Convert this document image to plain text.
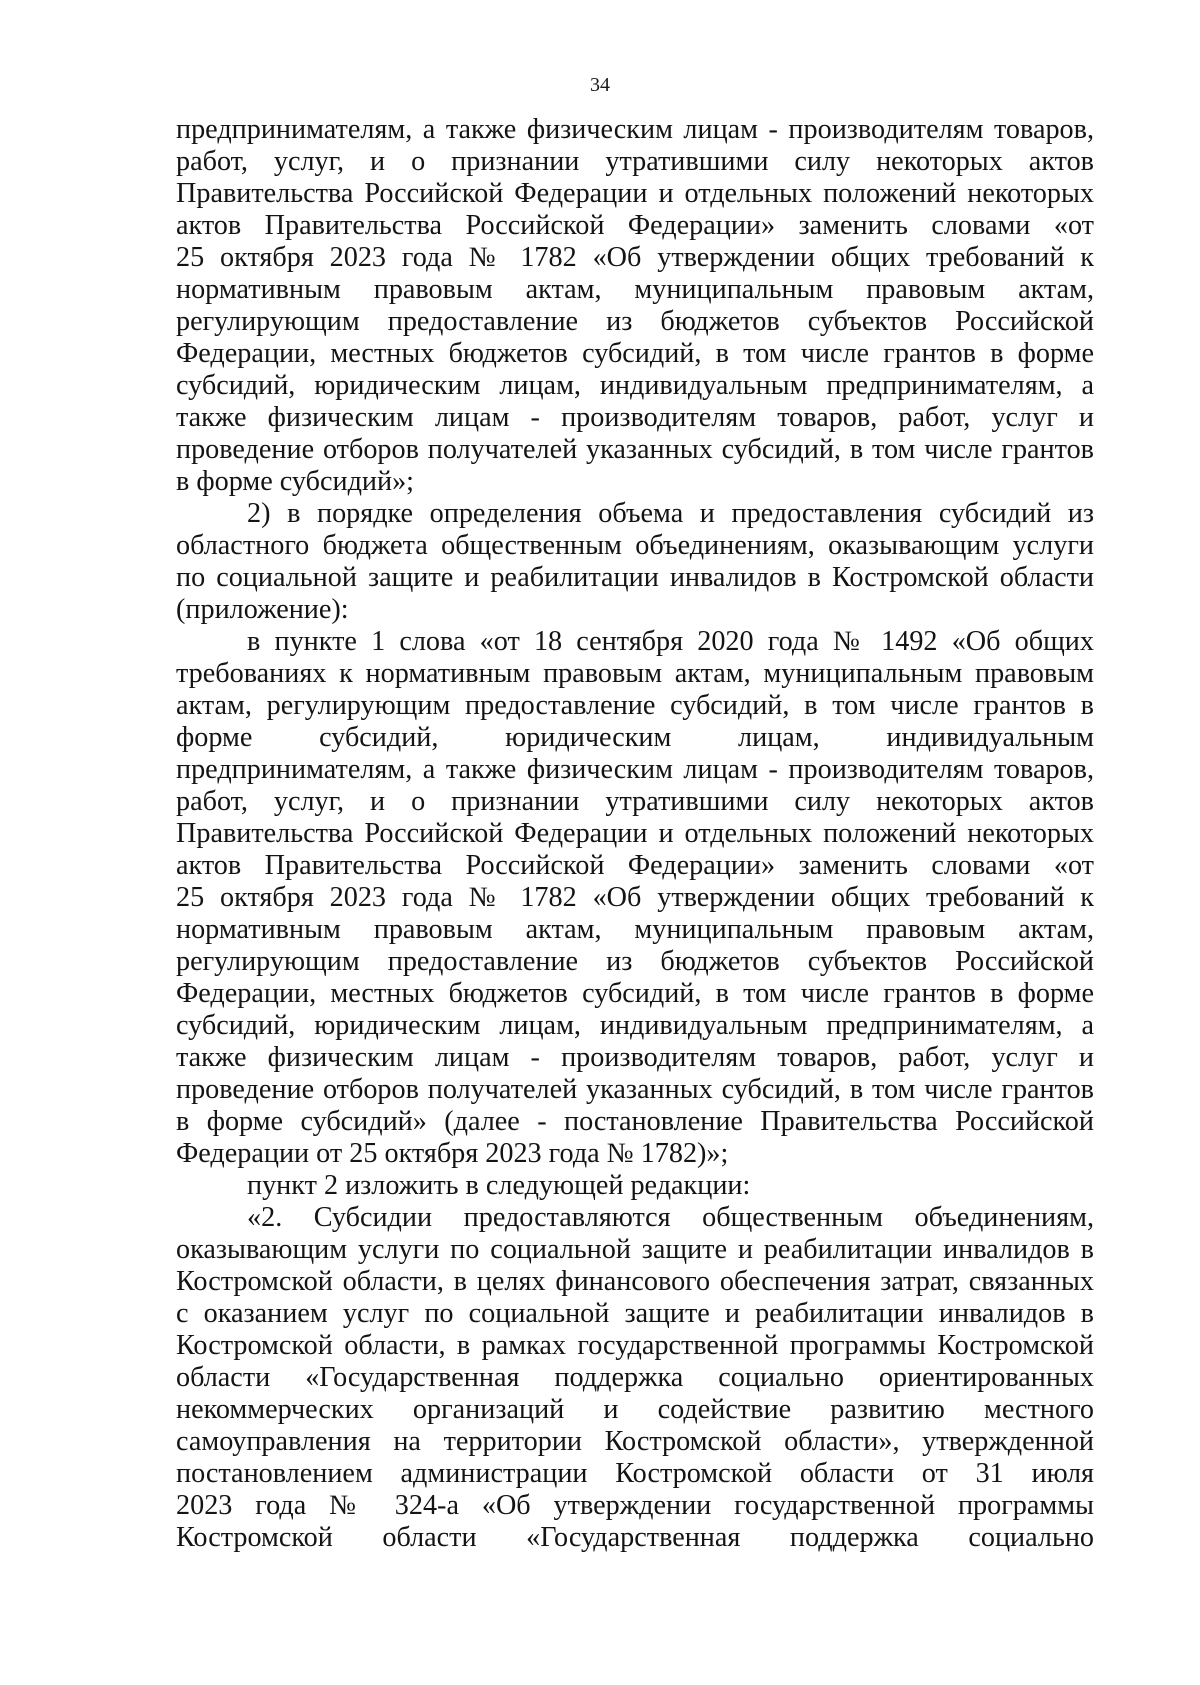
34
предпринимателям, а также физическим лицам - производителям товаров,
работ, услуг, и о признании утратившими силу некоторых актов
Правительства Российской Федерации и отдельных положений некоторых
актов Правительства Российской Федерации» заменить словами «от
25 октября 2023 года № 1782 «Об утверждении общих требований к
нормативным правовым актам, муниципальным правовым актам,
регулирующим предоставление из бюджетов субъектов Российской
Федерации, местных бюджетов субсидий, в том числе грантов в форме
субсидий, юридическим лицам, индивидуальным предпринимателям, а
также физическим лицам - производителям товаров, работ, услуг и
проведение отборов получателей указанных субсидий, в том числе грантов
в форме субсидий»;
2) в порядке определения объема и предоставления субсидий из
областного бюджета общественным объединениям, оказывающим услуги
по социальной защите и реабилитации инвалидов в Костромской области
(приложение):
в пункте 1 слова «от 18 сентября 2020 года № 1492 «Об общих
требованиях к нормативным правовым актам, муниципальным правовым
актам, регулирующим предоставление субсидий, в том числе грантов в
форме субсидий, юридическим лицам, индивидуальным
предпринимателям, а также физическим лицам - производителям товаров,
работ, услуг, и о признании утратившими силу некоторых актов
Правительства Российской Федерации и отдельных положений некоторых
актов Правительства Российской Федерации» заменить словами «от
25 октября 2023 года № 1782 «Об утверждении общих требований к
нормативным правовым актам, муниципальным правовым актам,
регулирующим предоставление из бюджетов субъектов Российской
Федерации, местных бюджетов субсидий, в том числе грантов в форме
субсидий, юридическим лицам, индивидуальным предпринимателям, а
также физическим лицам - производителям товаров, работ, услуг и
проведение отборов получателей указанных субсидий, в том числе грантов
в форме субсидий» (далее - постановление Правительства Российской
Федерации от 25 октября 2023 года № 1782)»;
пункт 2 изложить в следующей редакции:
«2. Субсидии предоставляются общественным объединениям,
оказывающим услуги по социальной защите и реабилитации инвалидов в
Костромской области, в целях финансового обеспечения затрат, связанных
с оказанием услуг по социальной защите и реабилитации инвалидов в
Костромской области, в рамках государственной программы Костромской
области «Государственная поддержка социально ориентированных
некоммерческих организаций и содействие развитию местного
самоуправления на территории Костромской области», утвержденной
постановлением администрации Костромской области от 31 июля
2023 года № 324-а «Об утверждении государственной программы
Костромской области «Государственная поддержка социально
